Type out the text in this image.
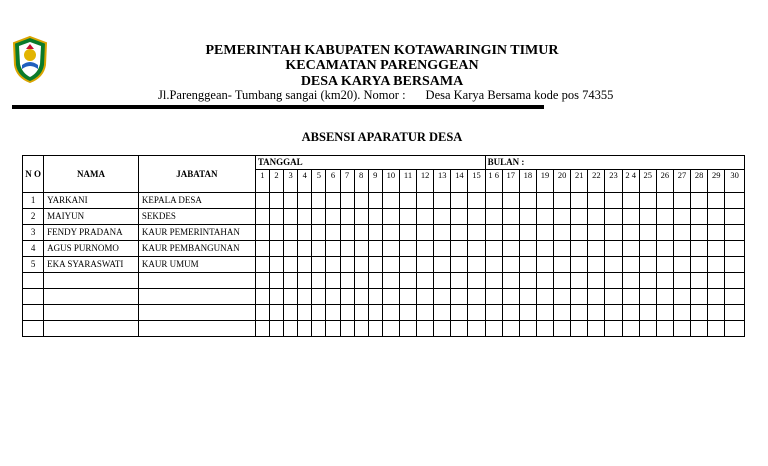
PEMERINTAH KABUPATEN KOTAWARINGIN TIMUR
KECAMATAN PARENGGEAN
DESA KARYA BERSAMA
Jl.Parenggean- Tumbang sangai (km20). Nomor : Desa Karya Bersama kode pos 74355
ABSENSI APARATUR DESA
N O	NAMA	JABATAN	TANGGAL															BULAN :														
			1	2	3	4	5	6	7	8	9	10	11	12	13	14	15	1 6	17	18	19	20	21	22	23	2 4	25	26	27	28	29	30
1	YARKANI	KEPALA DESA																														
2	MAIYUN	SEKDES																														
3	FENDY PRADANA	KAUR PEMERINTAHAN																														
4	AGUS PURNOMO	KAUR PEMBANGUNAN																														
5	EKA SYARASWATI	KAUR UMUM																														
